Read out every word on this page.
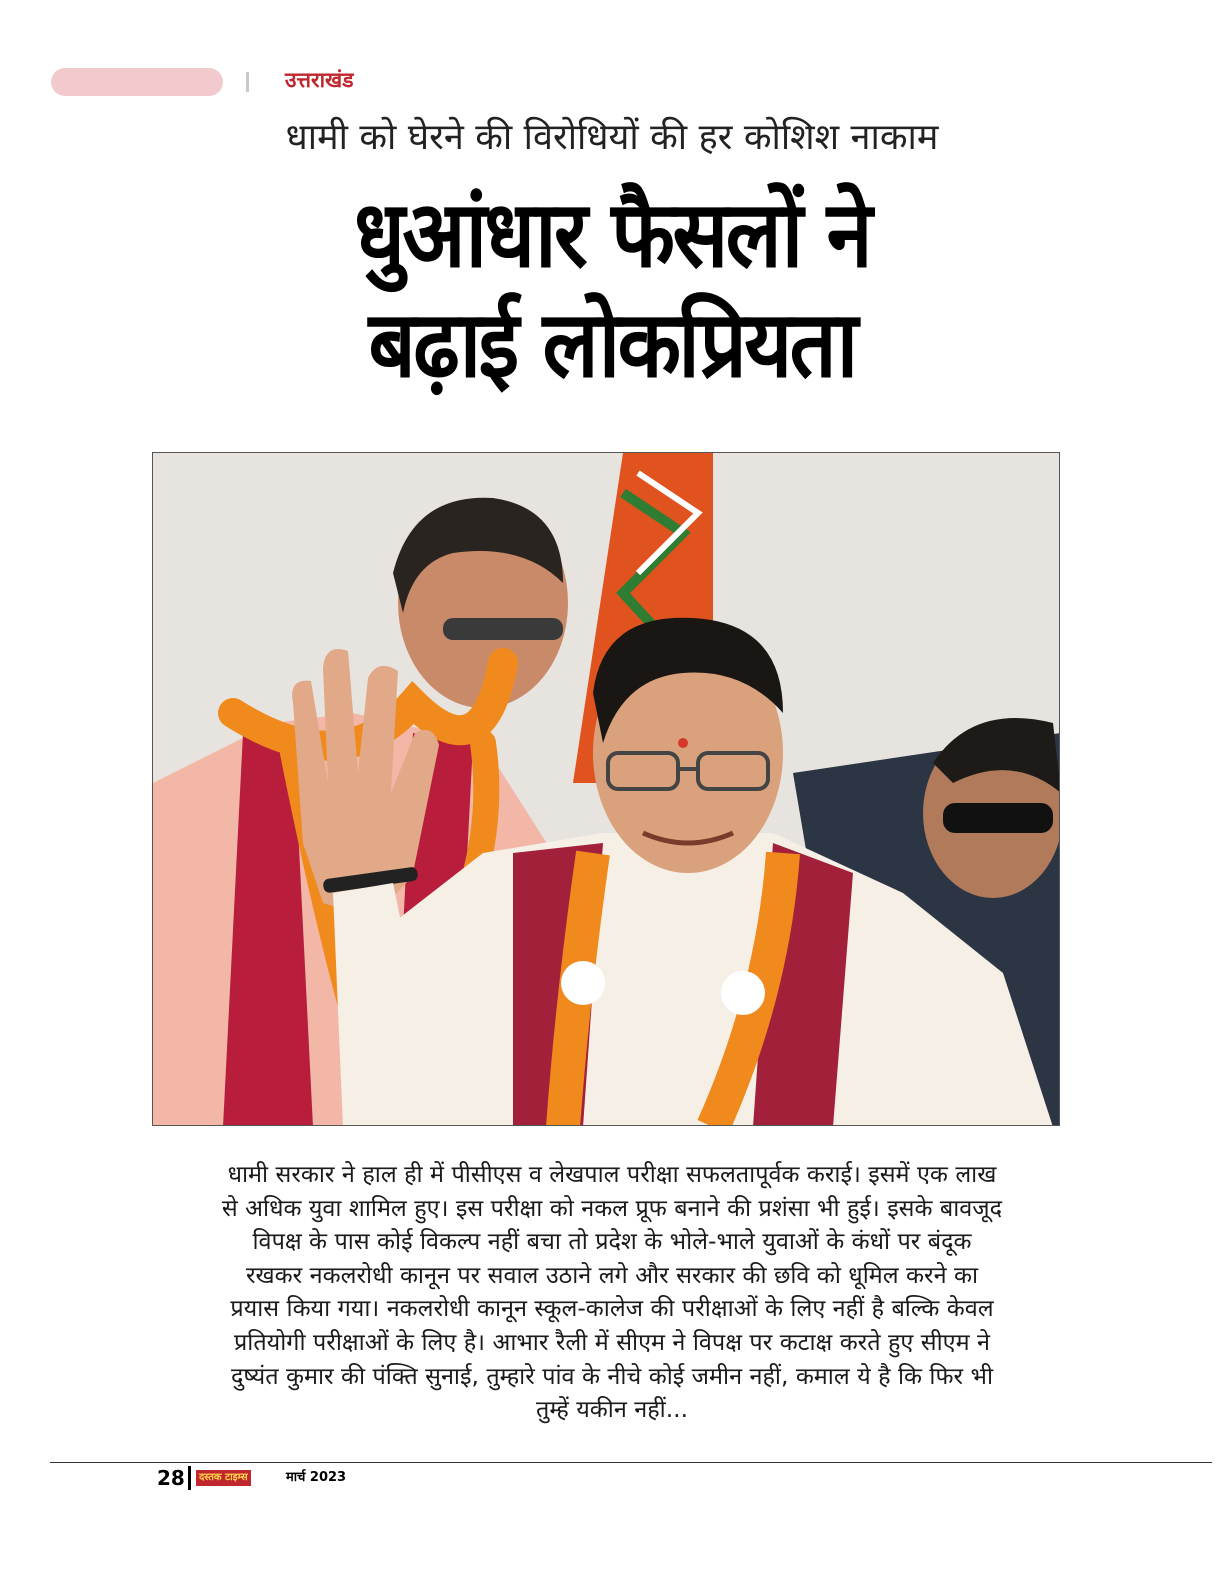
उत्तराखंड
धामी को घेरने की विरोधियों की हर कोशिश नाकाम
धुआंधार फैसलों ने
बढ़ाई लोकप्रियता
धामी सरकार ने हाल ही में पीसीएस व लेखपाल परीक्षा सफलतापूर्वक कराई। इसमें एक लाख
से अधिक युवा शामिल हुए। इस परीक्षा को नकल प्रूफ बनाने की प्रशंसा भी हुई। इसके बावजूद
विपक्ष के पास कोई विकल्प नहीं बचा तो प्रदेश के भोले-भाले युवाओं के कंधों पर बंदूक
रखकर नकलरोधी कानून पर सवाल उठाने लगे और सरकार की छवि को धूमिल करने का
प्रयास किया गया। नकलरोधी कानून स्कूल-कालेज की परीक्षाओं के लिए नहीं है बल्कि केवल
प्रतियोगी परीक्षाओं के लिए है। आभार रैली में सीएम ने विपक्ष पर कटाक्ष करते हुए सीएम ने
दुष्यंत कुमार की पंक्ति सुनाई, तुम्हारे पांव के नीचे कोई जमीन नहीं, कमाल ये है कि फिर भी
तुम्हें यकीन नहीं...
28	दस्तक टाइम्स	मार्च 2023
